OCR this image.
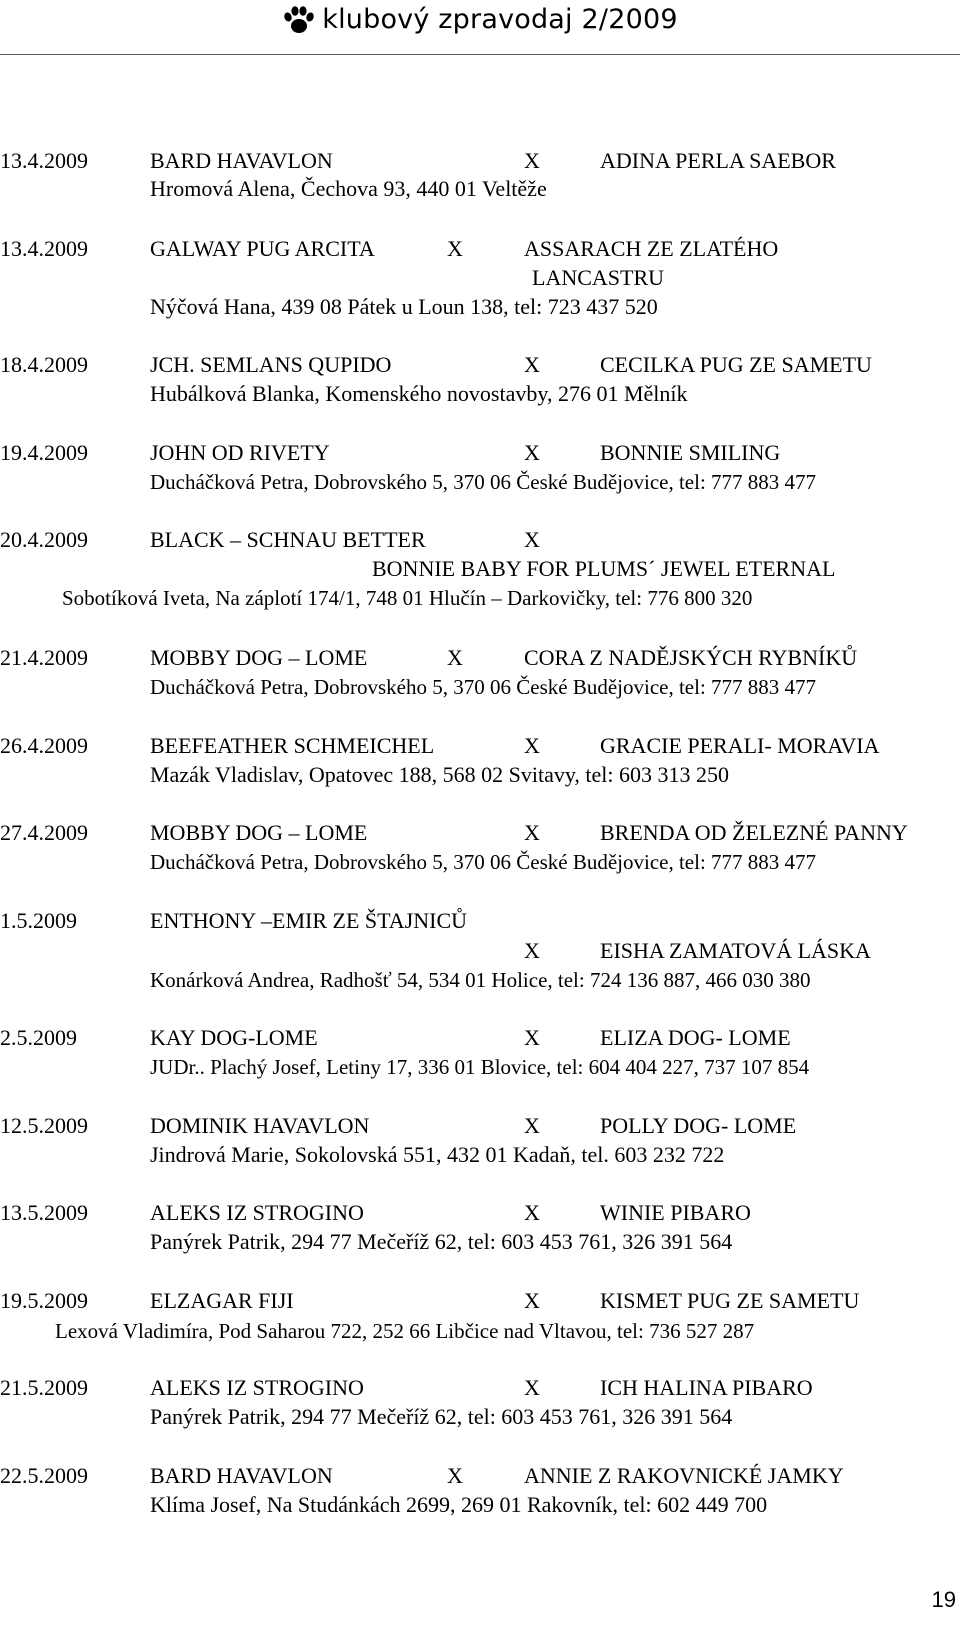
klubový zpravodaj 2/2009
13.4.2009	BARD HAVAVLON	X	ADINA PERLA SAEBOR
Hromová Alena, Čechova 93, 440 01 Veltěže
13.4.2009	GALWAY PUG ARCITA	X	ASSARACH ZE ZLATÉHO
LANCASTRU
Nýčová Hana, 439 08 Pátek u Loun 138, tel: 723 437 520
18.4.2009	JCH. SEMLANS QUPIDO	X	CECILKA PUG ZE SAMETU
Hubálková Blanka, Komenského novostavby, 276 01 Mělník
19.4.2009	JOHN OD RIVETY	X	BONNIE SMILING
Ducháčková Petra, Dobrovského 5, 370 06 České Budějovice, tel: 777 883 477
20.4.2009	BLACK – SCHNAU BETTER	X
BONNIE BABY FOR PLUMS´ JEWEL ETERNAL
Sobotíková Iveta, Na záplotí 174/1, 748 01 Hlučín – Darkovičky, tel: 776 800 320
21.4.2009	MOBBY DOG – LOME	X	CORA Z NADĚJSKÝCH RYBNÍKŮ
Ducháčková Petra, Dobrovského 5, 370 06 České Budějovice, tel: 777 883 477
26.4.2009	BEEFEATHER SCHMEICHEL	X	GRACIE PERALI- MORAVIA
Mazák Vladislav, Opatovec 188, 568 02 Svitavy, tel: 603 313 250
27.4.2009	MOBBY DOG – LOME	X	BRENDA OD ŽELEZNÉ PANNY
Ducháčková Petra, Dobrovského 5, 370 06 České Budějovice, tel: 777 883 477
1.5.2009	ENTHONY –EMIR ZE ŠTAJNICŮ
X	EISHA ZAMATOVÁ LÁSKA
Konárková Andrea, Radhošť 54, 534 01 Holice, tel: 724 136 887, 466 030 380
2.5.2009	KAY DOG-LOME	X	ELIZA DOG- LOME
JUDr.. Plachý Josef, Letiny 17, 336 01 Blovice, tel: 604 404 227, 737 107 854
12.5.2009	DOMINIK HAVAVLON	X	POLLY DOG- LOME
Jindrová Marie, Sokolovská 551, 432 01 Kadaň, tel. 603 232 722
13.5.2009	ALEKS IZ STROGINO	X	WINIE PIBARO
Panýrek Patrik, 294 77 Mečeříž 62, tel: 603 453 761, 326 391 564
19.5.2009	ELZAGAR FIJI	X	KISMET PUG ZE SAMETU
Lexová Vladimíra, Pod Saharou 722, 252 66 Libčice nad Vltavou, tel: 736 527 287
21.5.2009	ALEKS IZ STROGINO	X	ICH HALINA PIBARO
Panýrek Patrik, 294 77 Mečeříž 62, tel: 603 453 761, 326 391 564
22.5.2009	BARD HAVAVLON	X	ANNIE Z RAKOVNICKÉ JAMKY
Klíma Josef, Na Studánkách 2699, 269 01 Rakovník, tel: 602 449 700
19
